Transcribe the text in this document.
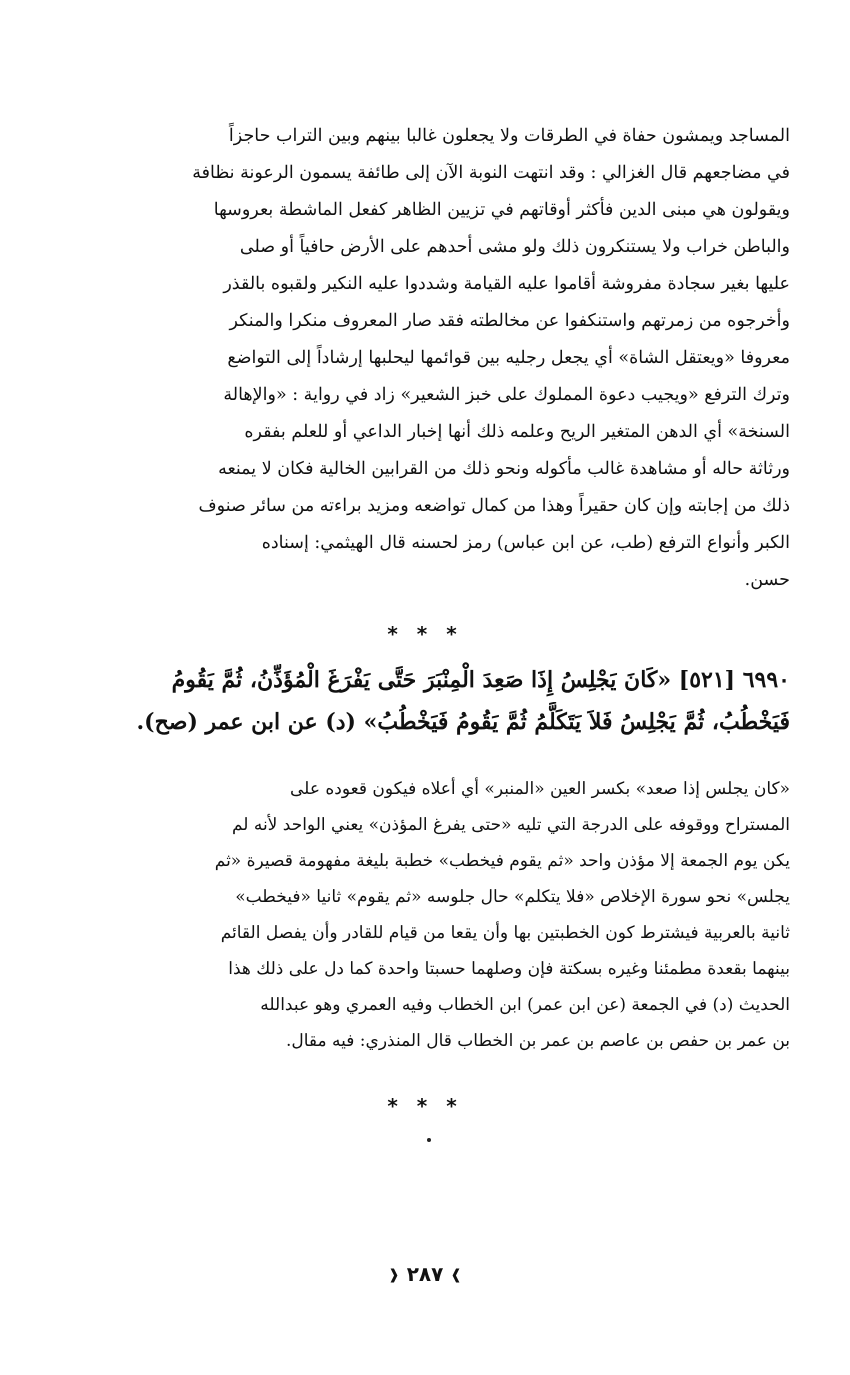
المساجد ويمشون حفاة في الطرقات ولا يجعلون غالبا بينهم وبين التراب حاجزاً
في مضاجعهم قال الغزالي : وقد انتهت النوبة الآن إلى طائفة يسمون الرعونة نظافة
ويقولون هي مبنى الدين فأكثر أوقاتهم في تزيين الظاهر كفعل الماشطة بعروسها
والباطن خراب ولا يستنكرون ذلك ولو مشى أحدهم على الأرض حافياً أو صلى
عليها بغير سجادة مفروشة أقاموا عليه القيامة وشددوا عليه النكير ولقبوه بالقذر
وأخرجوه من زمرتهم واستنكفوا عن مخالطته فقد صار المعروف منكرا والمنكر
معروفا «ويعتقل الشاة» أي يجعل رجليه بين قوائمها ليحلبها إرشاداً إلى التواضع
وترك الترفع «ويجيب دعوة المملوك على خبز الشعير» زاد في رواية : «والإهالة
السنخة» أي الدهن المتغير الريح وعلمه ذلك أنها إخبار الداعي أو للعلم بفقره
ورثاثة حاله أو مشاهدة غالب مأكوله ونحو ذلك من القرابين الخالية فكان لا يمنعه
ذلك من إجابته وإن كان حقيراً وهذا من كمال تواضعه ومزيد براءته من سائر صنوف
الكبر وأنواع الترفع (طب، عن ابن عباس) رمز لحسنه قال الهيثمي: إسناده
حسن.
* * *
٦٩٩٠ [٥٢١] «كَانَ يَجْلِسُ إِذَا صَعِدَ الْمِنْبَرَ حَتَّى يَفْرَغَ الْمُؤَذِّنُ، ثُمَّ يَقُومُ
فَيَخْطُبُ، ثُمَّ يَجْلِسُ فَلاَ يَتَكَلَّمُ ثُمَّ يَقُومُ فَيَخْطُبُ» (د) عن ابن عمر (صح).
«كان يجلس إذا صعد» بكسر العين «المنبر» أي أعلاه فيكون قعوده على
المستراح ووقوفه على الدرجة التي تليه «حتى يفرغ المؤذن» يعني الواحد لأنه لم
يكن يوم الجمعة إلا مؤذن واحد «ثم يقوم فيخطب» خطبة بليغة مفهومة قصيرة «ثم
يجلس» نحو سورة الإخلاص «فلا يتكلم» حال جلوسه «ثم يقوم» ثانيا «فيخطب»
ثانية بالعربية فيشترط كون الخطبتين بها وأن يقعا من قيام للقادر وأن يفصل القائم
بينهما بقعدة مطمئنا وغيره بسكتة فإن وصلهما حسبتا واحدة كما دل على ذلك هذا
الحديث (د) في الجمعة (عن ابن عمر) ابن الخطاب وفيه العمري وهو عبدالله
بن عمر بن حفص بن عاصم بن عمر بن الخطاب قال المنذري: فيه مقال.
* * *
❱ ٢٨٧ ❰
